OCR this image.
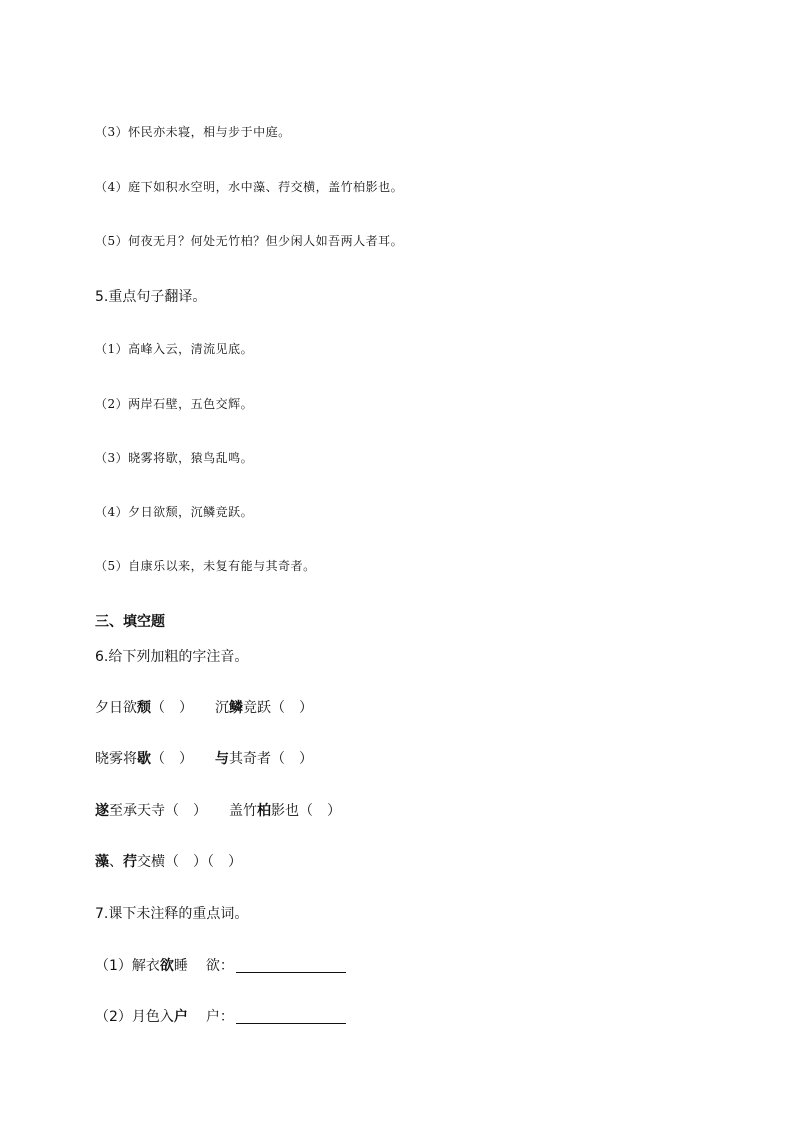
（3）怀民亦未寝，相与步于中庭。
（4）庭下如积水空明，水中藻、荇交横，盖竹柏影也。
（5）何夜无月？何处无竹柏？但少闲人如吾两人者耳。
5.重点句子翻译。
（1）高峰入云，清流见底。
（2）两岸石壁，五色交辉。
（3）晓雾将歇，猿鸟乱鸣。
（4）夕日欲颓，沉鳞竞跃。
（5）自康乐以来，未复有能与其奇者。
三、填空题
6.给下列加粗的字注音。
夕日欲颓（　） 沉鳞竞跃（　）
晓雾将歇（　） 与其奇者（　）
遂至承天寺（　） 盖竹柏影也（　）
藻、荇交横（　）（　）
7.课下未注释的重点词。
（1）解衣欲睡 欲：
（2）月色入户 户：
